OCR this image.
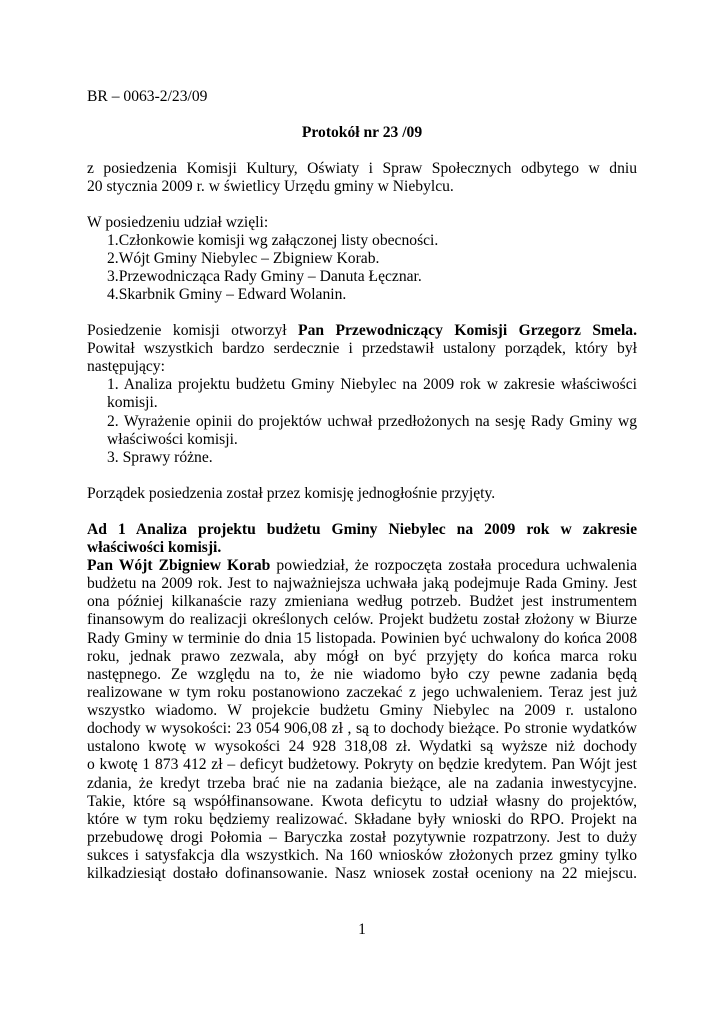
BR – 0063-2/23/09
Protokół nr 23 /09
z posiedzenia Komisji Kultury, Oświaty i Spraw Społecznych odbytego w dniu
20 stycznia 2009 r. w świetlicy Urzędu gminy w Niebylcu.
W posiedzeniu udział wzięli:
1.Członkowie komisji wg załączonej listy obecności.
2.Wójt Gminy Niebylec – Zbigniew Korab.
3.Przewodnicząca Rady Gminy – Danuta Łęcznar.
4.Skarbnik Gminy – Edward Wolanin.
Posiedzenie komisji otworzył Pan Przewodniczący Komisji Grzegorz Smela.
Powitał wszystkich bardzo serdecznie i przedstawił ustalony porządek, który był
następujący:
1. Analiza projektu budżetu Gminy Niebylec na 2009 rok w zakresie właściwości
komisji.
2. Wyrażenie opinii do projektów uchwał przedłożonych na sesję Rady Gminy wg
właściwości komisji.
3. Sprawy różne.
Porządek posiedzenia został przez komisję jednogłośnie przyjęty.
Ad 1 Analiza projektu budżetu Gminy Niebylec na 2009 rok w zakresie
właściwości komisji.
Pan Wójt Zbigniew Korab powiedział, że rozpoczęta została procedura uchwalenia
budżetu na 2009 rok. Jest to najważniejsza uchwała jaką podejmuje Rada Gminy. Jest
ona później kilkanaście razy zmieniana według potrzeb. Budżet jest instrumentem
finansowym do realizacji określonych celów. Projekt budżetu został złożony w Biurze
Rady Gminy w terminie do dnia 15 listopada. Powinien być uchwalony do końca 2008
roku, jednak prawo zezwala, aby mógł on być przyjęty do końca marca roku
następnego. Ze względu na to, że nie wiadomo było czy pewne zadania będą
realizowane w tym roku postanowiono zaczekać z jego uchwaleniem. Teraz jest już
wszystko wiadomo. W projekcie budżetu Gminy Niebylec na 2009 r. ustalono
dochody w wysokości: 23 054 906,08 zł , są to dochody bieżące. Po stronie wydatków
ustalono kwotę w wysokości 24 928 318,08 zł. Wydatki są wyższe niż dochody
o kwotę 1 873 412 zł – deficyt budżetowy. Pokryty on będzie kredytem. Pan Wójt jest
zdania, że kredyt trzeba brać nie na zadania bieżące, ale na zadania inwestycyjne.
Takie, które są współfinansowane. Kwota deficytu to udział własny do projektów,
które w tym roku będziemy realizować. Składane były wnioski do RPO. Projekt na
przebudowę drogi Połomia – Baryczka został pozytywnie rozpatrzony. Jest to duży
sukces i satysfakcja dla wszystkich. Na 160 wniosków złożonych przez gminy tylko
kilkadziesiąt dostało dofinansowanie. Nasz wniosek został oceniony na 22 miejscu.
1
